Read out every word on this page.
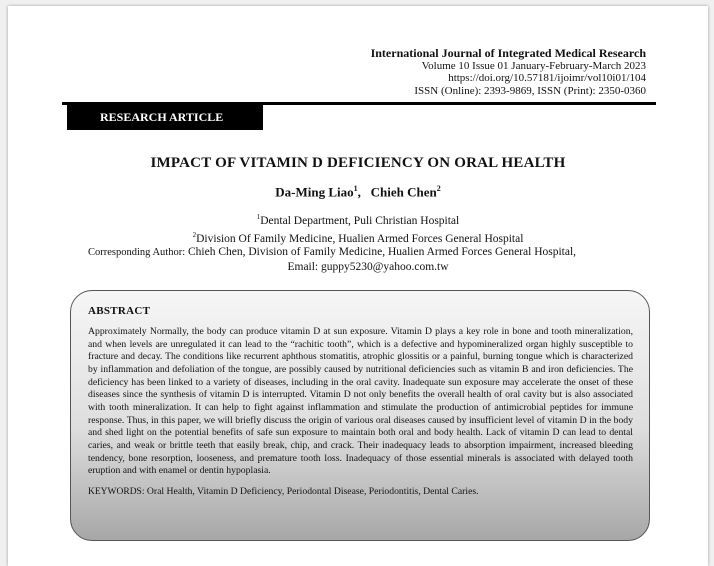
International Journal of Integrated Medical Research
Volume 10 Issue 01 January-February-March 2023
https://doi.org/10.57181/ijoimr/vol10i01/104
ISSN (Online): 2393-9869, ISSN (Print): 2350-0360
RESEARCH ARTICLE
IMPACT OF VITAMIN D DEFICIENCY ON ORAL HEALTH
Da-Ming Liao$^1$, Chieh Chen$^2$
$^1$Dental Department, Puli Christian Hospital
$^2$Division Of Family Medicine, Hualien Armed Forces General Hospital
Corresponding Author: Chieh Chen, Division of Family Medicine, Hualien Armed Forces General Hospital,
Email: guppy5230@yahoo.com.tw
ABSTRACT
Approximately Normally, the body can produce vitamin D at sun exposure. Vitamin D plays a key role in bone and tooth mineralization, and when levels are unregulated it can lead to the “rachitic tooth”, which is a defective and hypomineralized organ highly susceptible to fracture and decay. The conditions like recurrent aphthous stomatitis, atrophic glossitis or a painful, burning tongue which is characterized by inflammation and defoliation of the tongue, are possibly caused by nutritional deficiencies such as vitamin B and iron deficiencies. The deficiency has been linked to a variety of diseases, including in the oral cavity. Inadequate sun exposure may accelerate the onset of these diseases since the synthesis of vitamin D is interrupted. Vitamin D not only benefits the overall health of oral cavity but is also associated with tooth mineralization. It can help to fight against inflammation and stimulate the production of antimicrobial peptides for immune response. Thus, in this paper, we will briefly discuss the origin of various oral diseases caused by insufficient level of vitamin D in the body and shed light on the potential benefits of safe sun exposure to maintain both oral and body health. Lack of vitamin D can lead to dental caries, and weak or brittle teeth that easily break, chip, and crack. Their inadequacy leads to absorption impairment, increased bleeding tendency, bone resorption, looseness, and premature tooth loss. Inadequacy of those essential minerals is associated with delayed tooth eruption and with enamel or dentin hypoplasia.
KEYWORDS: Oral Health, Vitamin D Deficiency, Periodontal Disease, Periodontitis, Dental Caries.
